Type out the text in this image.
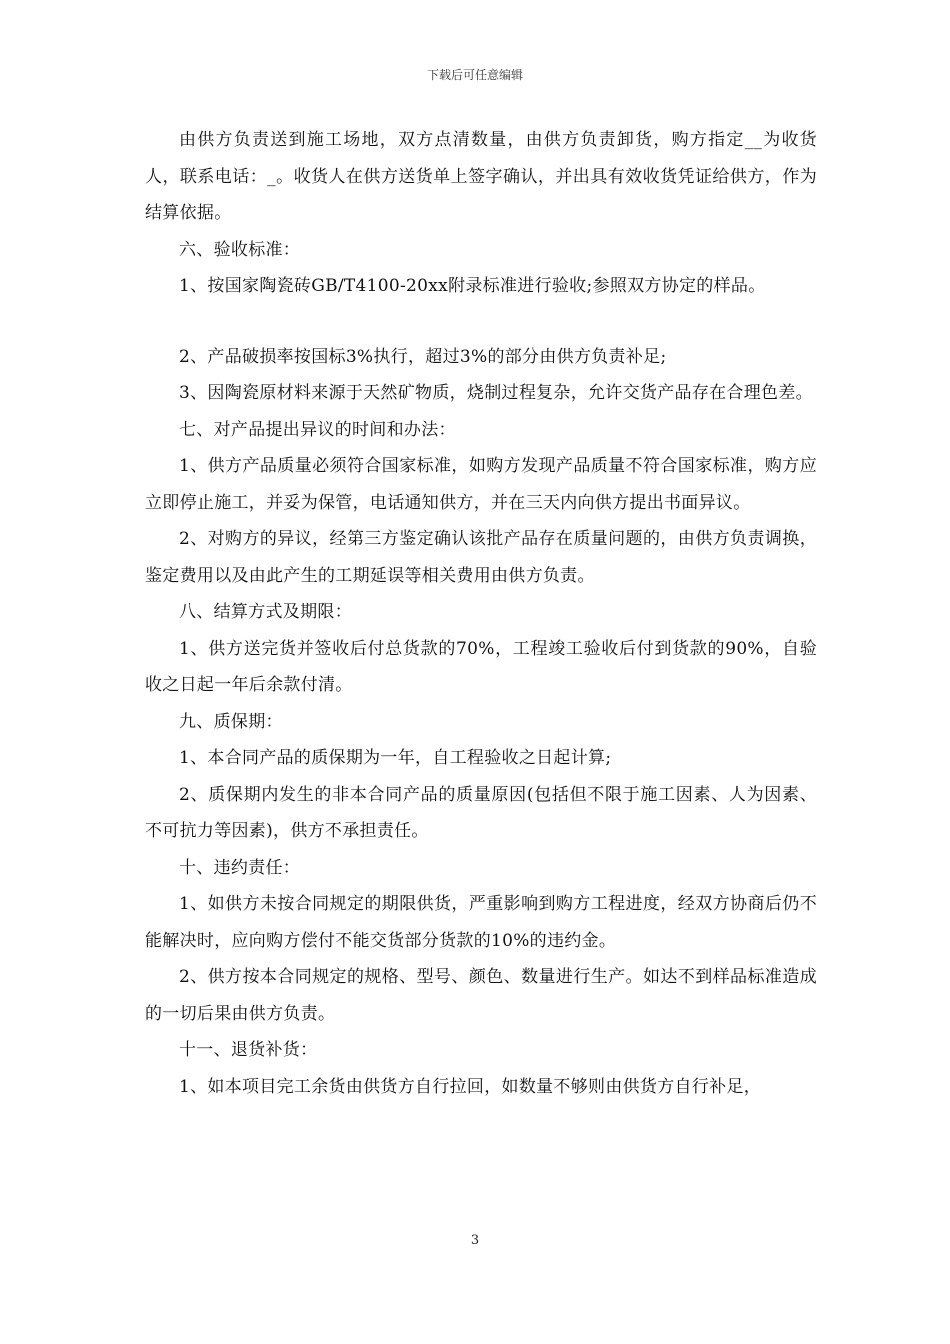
下载后可任意编辑

由供方负责送到施工场地，双方点清数量，由供方负责卸货，购方指定__为收货人，联系电话：_。收货人在供方送货单上签字确认，并出具有效收货凭证给供方，作为结算依据。

六、验收标准：

1、按国家陶瓷砖GB/T4100-20xx附录标准进行验收;参照双方协定的样品。

2、产品破损率按国标3%执行，超过3%的部分由供方负责补足;

3、因陶瓷原材料来源于天然矿物质，烧制过程复杂，允许交货产品存在合理色差。

七、对产品提出异议的时间和办法：

1、供方产品质量必须符合国家标准，如购方发现产品质量不符合国家标准，购方应立即停止施工，并妥为保管，电话通知供方，并在三天内向供方提出书面异议。

2、对购方的异议，经第三方鉴定确认该批产品存在质量问题的，由供方负责调换，鉴定费用以及由此产生的工期延误等相关费用由供方负责。

八、结算方式及期限：

1、供方送完货并签收后付总货款的70%，工程竣工验收后付到货款的90%，自验收之日起一年后余款付清。

九、质保期：

1、本合同产品的质保期为一年，自工程验收之日起计算;

2、质保期内发生的非本合同产品的质量原因(包括但不限于施工因素、人为因素、不可抗力等因素)，供方不承担责任。

十、违约责任：

1、如供方未按合同规定的期限供货，严重影响到购方工程进度，经双方协商后仍不能解决时，应向购方偿付不能交货部分货款的10%的违约金。

2、供方按本合同规定的规格、型号、颜色、数量进行生产。如达不到样品标准造成的一切后果由供方负责。

十一、退货补货：

1、如本项目完工余货由供货方自行拉回，如数量不够则由供货方自行补足，

3
